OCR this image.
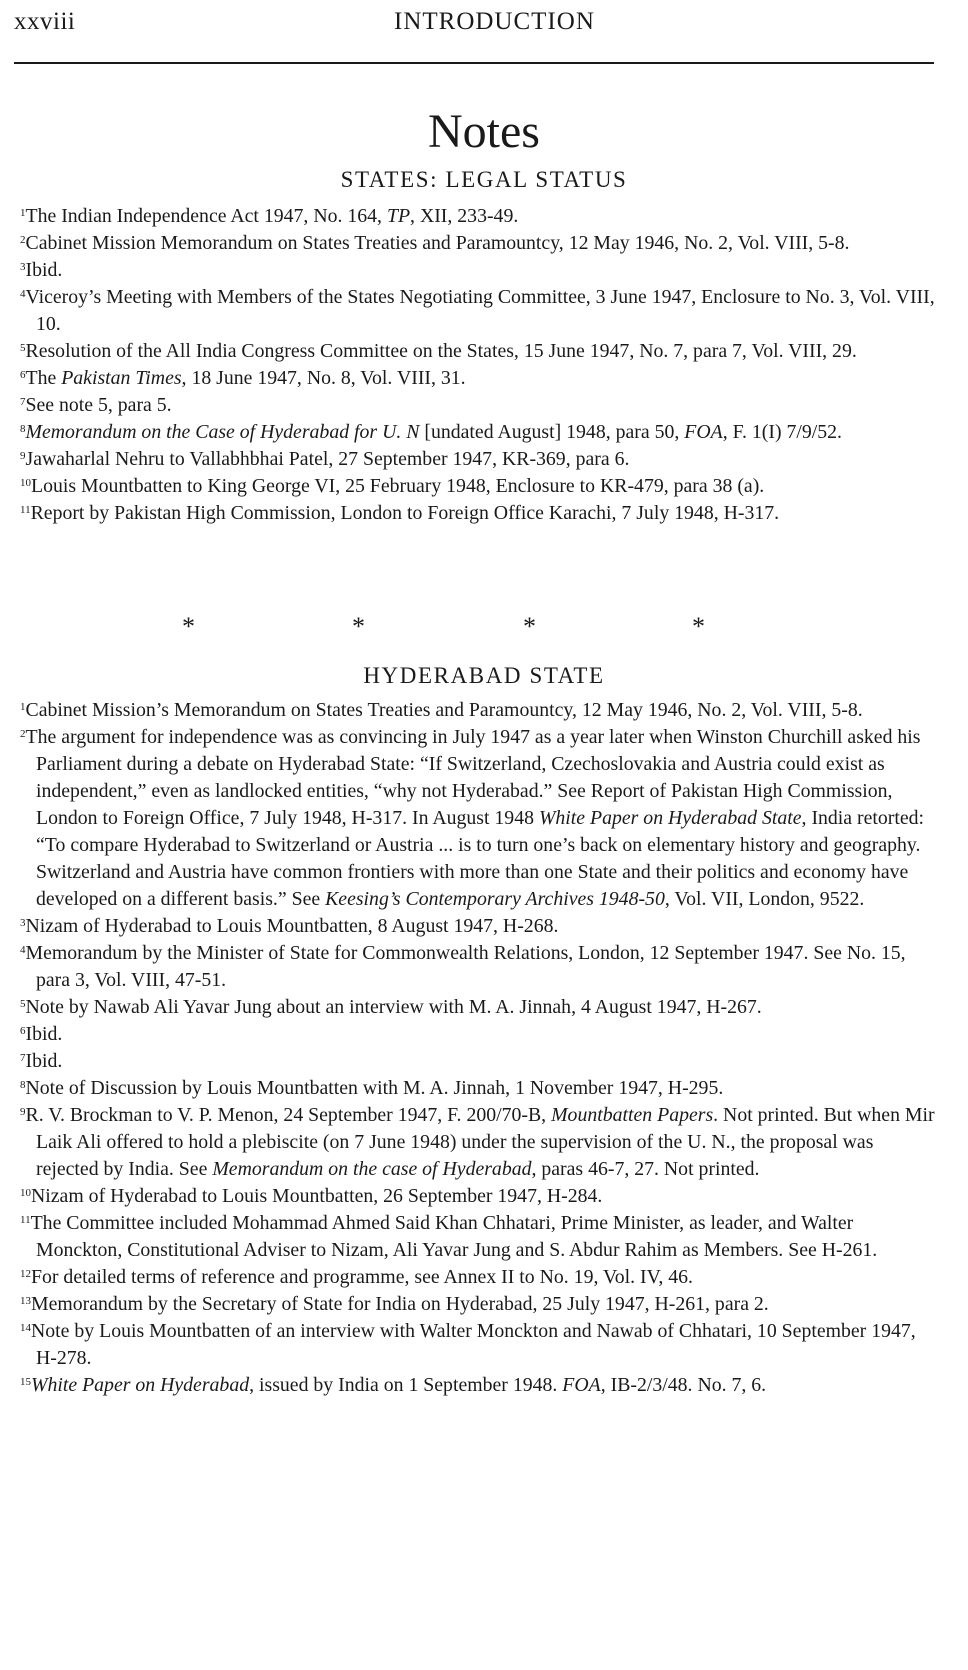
xxviii	INTRODUCTION
Notes
STATES: LEGAL STATUS
$^1$The Indian Independence Act 1947, No. 164, TP, XII, 233-49.
$^2$Cabinet Mission Memorandum on States Treaties and Paramountcy, 12 May 1946, No. 2, Vol. VIII, 5-8.
$^3$Ibid.
$^4$Viceroy’s Meeting with Members of the States Negotiating Committee, 3 June 1947, Enclosure to No. 3, Vol. VIII, 10.
$^5$Resolution of the All India Congress Committee on the States, 15 June 1947, No. 7, para 7, Vol. VIII, 29.
$^6$The Pakistan Times, 18 June 1947, No. 8, Vol. VIII, 31.
$^7$See note 5, para 5.
$^8$Memorandum on the Case of Hyderabad for U. N [undated August] 1948, para 50, FOA, F. 1(I) 7/9/52.
$^9$Jawaharlal Nehru to Vallabhbhai Patel, 27 September 1947, KR-369, para 6.
$^{10}$Louis Mountbatten to King George VI, 25 February 1948, Enclosure to KR-479, para 38 (a).
$^{11}$Report by Pakistan High Commission, London to Foreign Office Karachi, 7 July 1948, H-317.
*	*	*	*
HYDERABAD STATE
$^1$Cabinet Mission’s Memorandum on States Treaties and Paramountcy, 12 May 1946, No. 2, Vol. VIII, 5-8.
$^2$The argument for independence was as convincing in July 1947 as a year later when Winston Churchill asked his Parliament during a debate on Hyderabad State: “If Switzerland, Czechoslovakia and Austria could exist as independent,” even as landlocked entities, “why not Hyderabad.” See Report of Pakistan High Commission, London to Foreign Office, 7 July 1948, H-317. In August 1948 White Paper on Hyderabad State, India retorted: “To compare Hyderabad to Switzerland or Austria ... is to turn one’s back on elementary history and geography. Switzerland and Austria have common frontiers with more than one State and their politics and economy have developed on a different basis.” See Keesing’s Contemporary Archives 1948-50, Vol. VII, London, 9522.
$^3$Nizam of Hyderabad to Louis Mountbatten, 8 August 1947, H-268.
$^4$Memorandum by the Minister of State for Commonwealth Relations, London, 12 September 1947. See No. 15, para 3, Vol. VIII, 47-51.
$^5$Note by Nawab Ali Yavar Jung about an interview with M. A. Jinnah, 4 August 1947, H-267.
$^6$Ibid.
$^7$Ibid.
$^8$Note of Discussion by Louis Mountbatten with M. A. Jinnah, 1 November 1947, H-295.
$^9$R. V. Brockman to V. P. Menon, 24 September 1947, F. 200/70-B, Mountbatten Papers. Not printed. But when Mir Laik Ali offered to hold a plebiscite (on 7 June 1948) under the supervision of the U. N., the proposal was rejected by India. See Memorandum on the case of Hyderabad, paras 46-7, 27. Not printed.
$^{10}$Nizam of Hyderabad to Louis Mountbatten, 26 September 1947, H-284.
$^{11}$The Committee included Mohammad Ahmed Said Khan Chhatari, Prime Minister, as leader, and Walter Monckton, Constitutional Adviser to Nizam, Ali Yavar Jung and S. Abdur Rahim as Members. See H-261.
$^{12}$For detailed terms of reference and programme, see Annex II to No. 19, Vol. IV, 46.
$^{13}$Memorandum by the Secretary of State for India on Hyderabad, 25 July 1947, H-261, para 2.
$^{14}$Note by Louis Mountbatten of an interview with Walter Monckton and Nawab of Chhatari, 10 September 1947, H-278.
$^{15}$White Paper on Hyderabad, issued by India on 1 September 1948. FOA, IB-2/3/48. No. 7, 6.
